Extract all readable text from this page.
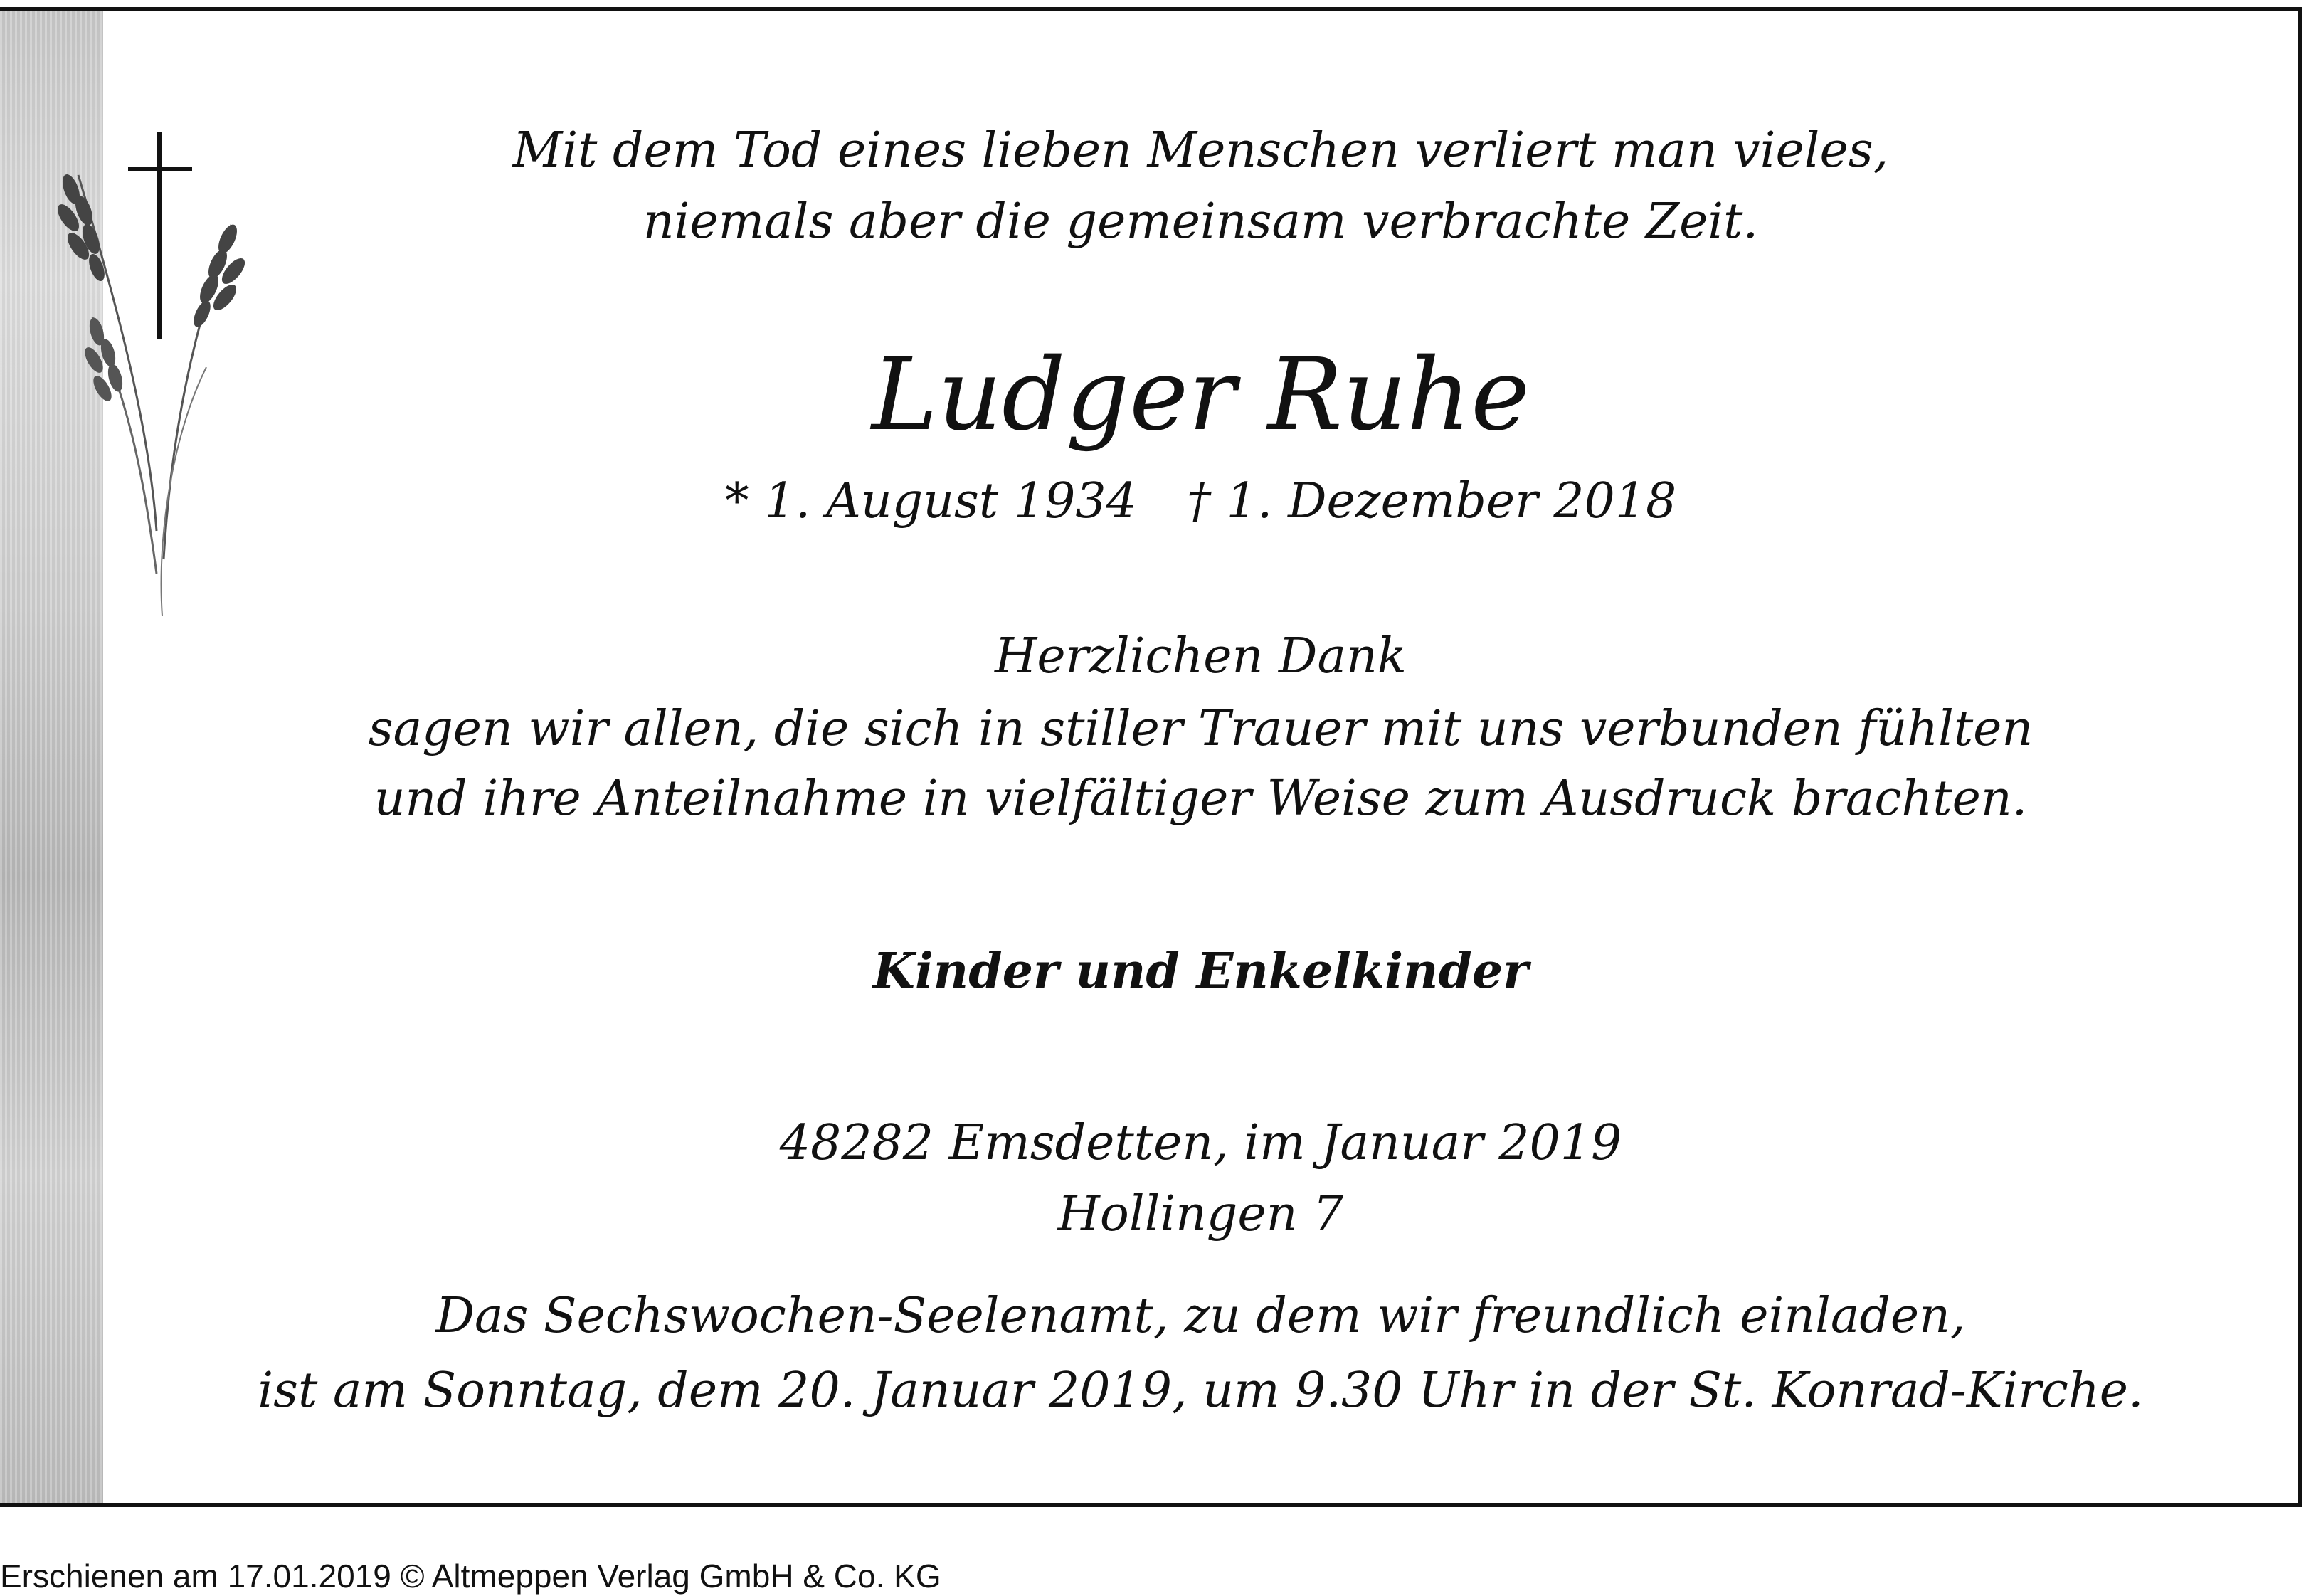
Mit dem Tod eines lieben Menschen verliert man vieles,
niemals aber die gemeinsam verbrachte Zeit.
Ludger Ruhe
* 1. August 1934 † 1. Dezember 2018
Herzlichen Dank
sagen wir allen, die sich in stiller Trauer mit uns verbunden fühlten
und ihre Anteilnahme in vielfältiger Weise zum Ausdruck brachten.
Kinder und Enkelkinder
48282 Emsdetten, im Januar 2019
Hollingen 7
Das Sechswochen-Seelenamt, zu dem wir freundlich einladen,
ist am Sonntag, dem 20. Januar 2019, um 9.30 Uhr in der St. Konrad-Kirche.
Erschienen am 17.01.2019 © Altmeppen Verlag GmbH & Co. KG
